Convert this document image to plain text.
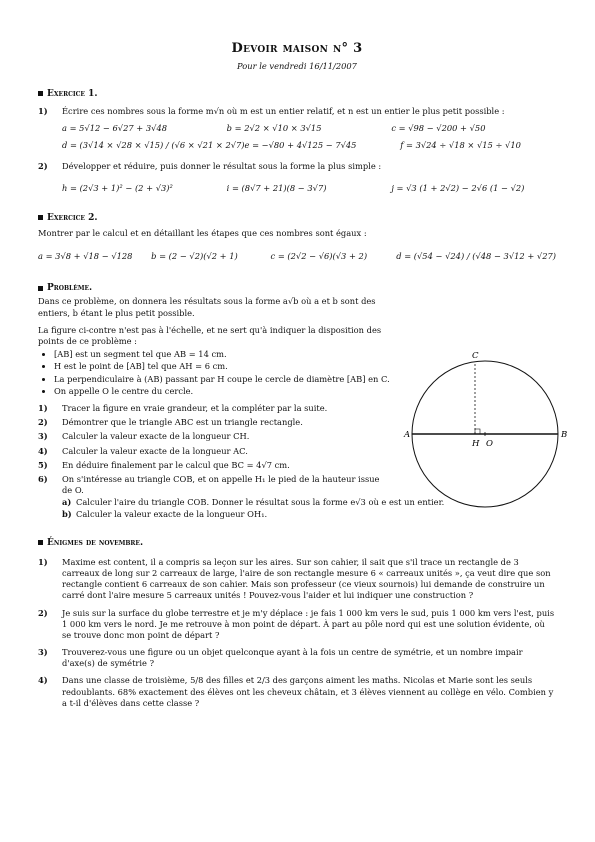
Devoir maison n° 3
Pour le vendredi 16/11/2007
Exercice 1.
1)	Écrire ces nombres sous la forme m√n où m est un entier relatif, et n est un entier le plus petit possible :
a = 5√12 − 6√27 + 3√48	b = 2√2 × √10 × 3√15	c = √98 − √200 + √50
d = (3√14 × √28 × √15) / (√6 × √21 × 2√7) e = −√80 + 4√125 − 7√45	f = 3√24 ÷ √18 × √15 ÷ √10
2)	Développer et réduire, puis donner le résultat sous la forme la plus simple :
h = (2√3 + 1)² − (2 + √3)²	i = (8√7 + 21)(8 − 3√7)	j = √3 (1 + 2√2) − 2√6 (1 − √2)
Exercice 2.

Montrer par le calcul et en détaillant les étapes que ces nombres sont égaux :

a = 3√8 + √18 − √128	b = (2 − √2)(√2 + 1)	c = (2√2 − √6)(√3 + 2)	d = (√54 − √24) / (√48 − 3√12 + √27)
Problème.

Dans ce problème, on donnera les résultats sous la forme a√b où a et b sont des entiers, b étant le plus petit possible.

La figure ci-contre n'est pas à l'échelle, et ne sert qu'à indiquer la disposition des points de ce problème :

• [AB] est un segment tel que AB = 14 cm.
• H est le point de [AB] tel que AH = 6 cm.
• La perpendiculaire à (AB) passant par H coupe le cercle de diamètre [AB] en C.
• On appelle O le centre du cercle.
1)	Tracer la figure en vraie grandeur, et la compléter par la suite.
2)	Démontrer que le triangle ABC est un triangle rectangle.
3)	Calculer la valeur exacte de la longueur CH.
4)	Calculer la valeur exacte de la longueur AC.
5)	En déduire finalement par le calcul que BC = 4√7 cm.
6)	On s'intéresse au triangle COB, et on appelle H₁ le pied de la hauteur issue de O.
a) Calculer l'aire du triangle COB. Donner le résultat sous la forme e√3 où e est un entier.
b) Calculer la valeur exacte de la longueur OH₁.
Énigmes de novembre.
1)	Maxime est content, il a compris sa leçon sur les aires. Sur son cahier, il sait que s'il trace un rectangle de 3 carreaux de long sur 2 carreaux de large, l'aire de son rectangle mesure 6 « carreaux unités », ça veut dire que son rectangle contient 6 carreaux de son cahier. Mais son professeur (ce vieux sournois) lui demande de construire un carré dont l'aire mesure 5 carreaux unités ! Pouvez-vous l'aider et lui indiquer une construction ?
2)	Je suis sur la surface du globe terrestre et je m'y déplace : je fais 1 000 km vers le sud, puis 1 000 km vers l'est, puis 1 000 km vers le nord. Je me retrouve à mon point de départ. À part au pôle nord qui est une solution évidente, où se trouve donc mon point de départ ?
3)	Trouverez-vous une figure ou un objet quelconque ayant à la fois un centre de symétrie, et un nombre impair d'axe(s) de symétrie ?
4)	Dans une classe de troisième, 5/8 des filles et 2/3 des garçons aiment les maths. Nicolas et Marie sont les seuls redoublants. 68% exactement des élèves ont les cheveux châtain, et 3 élèves viennent au collège en vélo. Combien y a t-il d'élèves dans cette classe ?
A	B
C
H O
